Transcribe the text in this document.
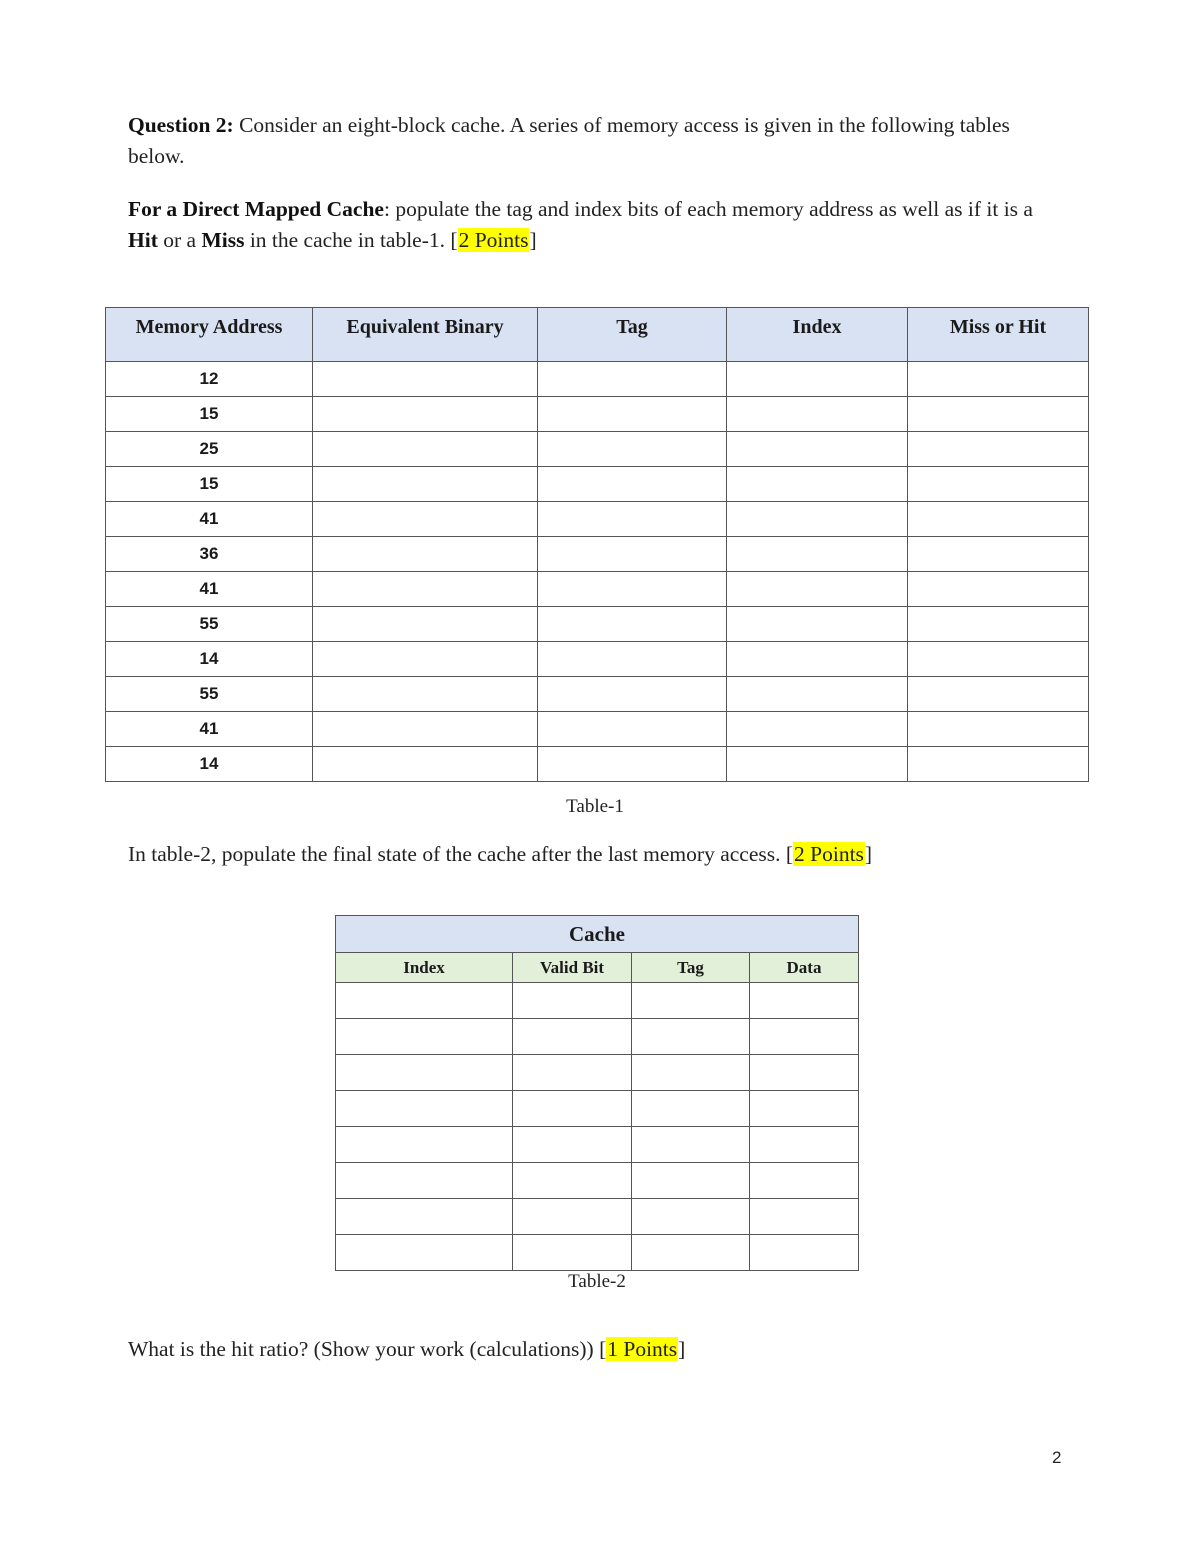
Question 2: Consider an eight-block cache. A series of memory access is given in the following tables below.

For a Direct Mapped Cache: populate the tag and index bits of each memory address as well as if it is a Hit or a Miss in the cache in table-1. [2 Points]

Memory Address	Equivalent Binary	Tag	Index	Miss or Hit
12				
15				
25				
15				
41				
36				
41				
55				
14				
55				
41				
14				
Table-1

In table-2, populate the final state of the cache after the last memory access. [2 Points]

Cache			
Index	Valid Bit	Tag	Data

Table-2

What is the hit ratio? (Show your work (calculations)) [1 Points]

2
